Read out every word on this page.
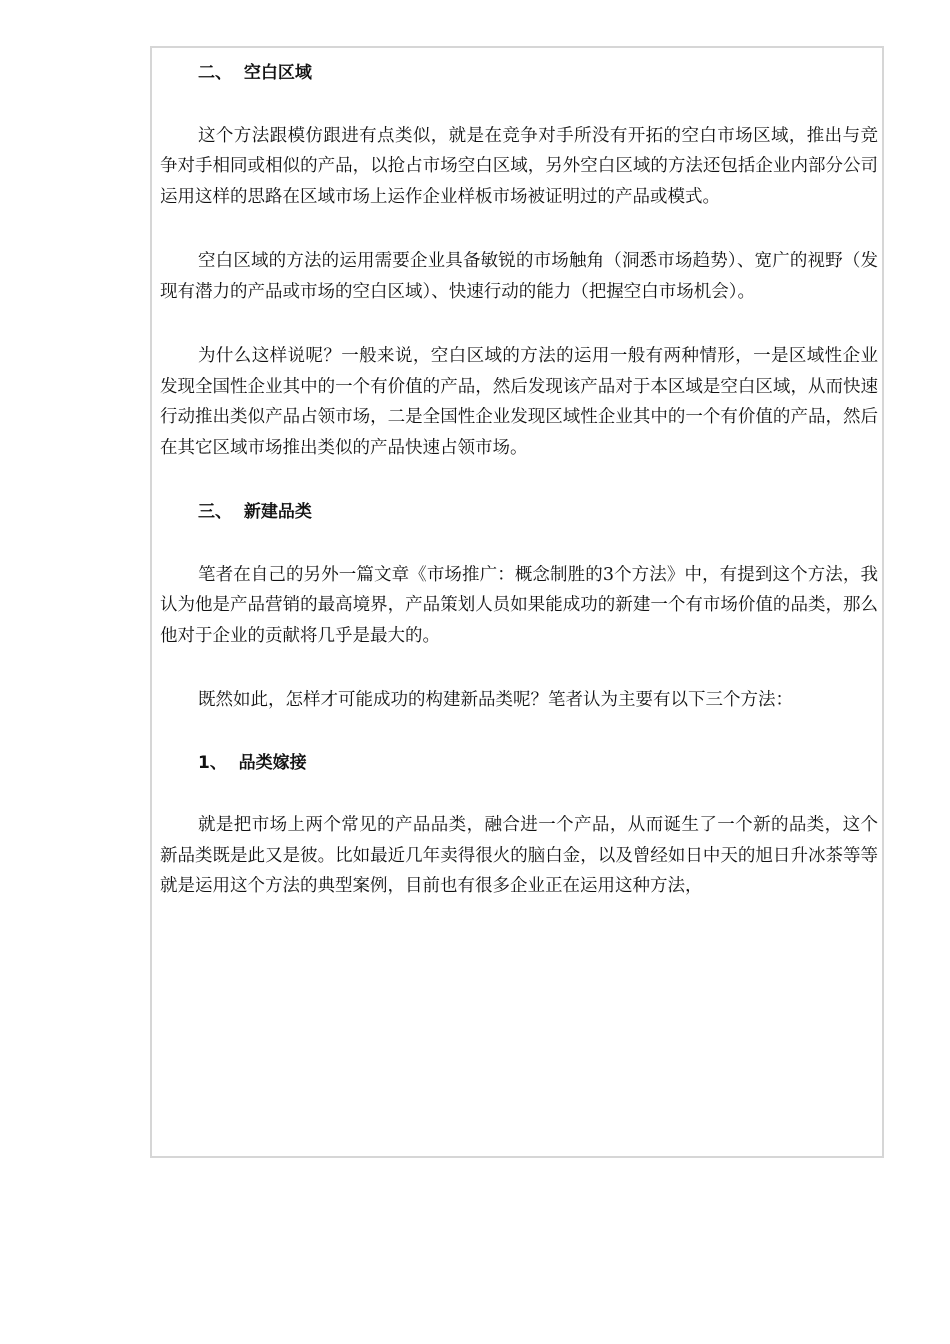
二、  空白区域

这个方法跟模仿跟进有点类似，就是在竞争对手所没有开拓的空白市场区域，推出与竞争对手相同或相似的产品，以抢占市场空白区域，另外空白区域的方法还包括企业内部分公司运用这样的思路在区域市场上运作企业样板市场被证明过的产品或模式。

空白区域的方法的运用需要企业具备敏锐的市场触角（洞悉市场趋势）、宽广的视野（发现有潜力的产品或市场的空白区域）、快速行动的能力（把握空白市场机会）。

为什么这样说呢？一般来说，空白区域的方法的运用一般有两种情形，一是区域性企业发现全国性企业其中的一个有价值的产品，然后发现该产品对于本区域是空白区域，从而快速行动推出类似产品占领市场，二是全国性企业发现区域性企业其中的一个有价值的产品，然后在其它区域市场推出类似的产品快速占领市场。

三、  新建品类

笔者在自己的另外一篇文章《市场推广：概念制胜的3个方法》中，有提到这个方法，我认为他是产品营销的最高境界，产品策划人员如果能成功的新建一个有市场价值的品类，那么他对于企业的贡献将几乎是最大的。

既然如此，怎样才可能成功的构建新品类呢？笔者认为主要有以下三个方法：

1、  品类嫁接

就是把市场上两个常见的产品品类，融合进一个产品，从而诞生了一个新的品类，这个新品类既是此又是彼。比如最近几年卖得很火的脑白金，以及曾经如日中天的旭日升冰茶等等就是运用这个方法的典型案例，目前也有很多企业正在运用这种方法，
